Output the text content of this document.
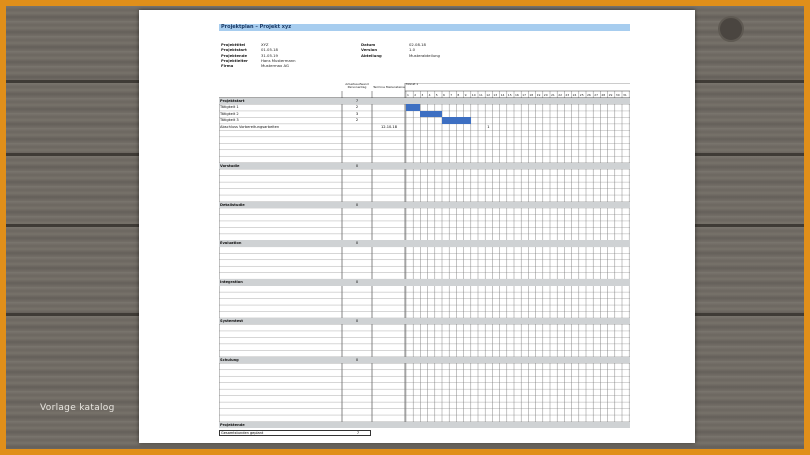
Vorlage katalog
Projektplan – Projekt xyz
Arbeitsaufwand Personentag	Termine Meilensteine
Monat 1
Projektstart	7
Tätigkeit 1	2
Tätigkeit 2	3
Tätigkeit 3	2
Abschluss Vorbereitungsarbeiten	12.10.18	1
Vorstudie	0
Detailstudie	0
Evaluation	0
Integration	0
Systemtest	0
Schulung	0
Projektende
1 2 3 4 5 6 7 8 9 10 11 12 13 14 15 16 17 18 19 20 21 22 23 24 25 26 27 28 29 30 31
Gesamtstunden geplant	7
Projekttitel	XYZ
Projektstart	01.05.18
Projektende	31.05.19
Projektleiter	Hans Mustermann
Firma	Mustermax AG
Datum	02.08.18
Version	1.0
Abteilung	Musterabteilung
